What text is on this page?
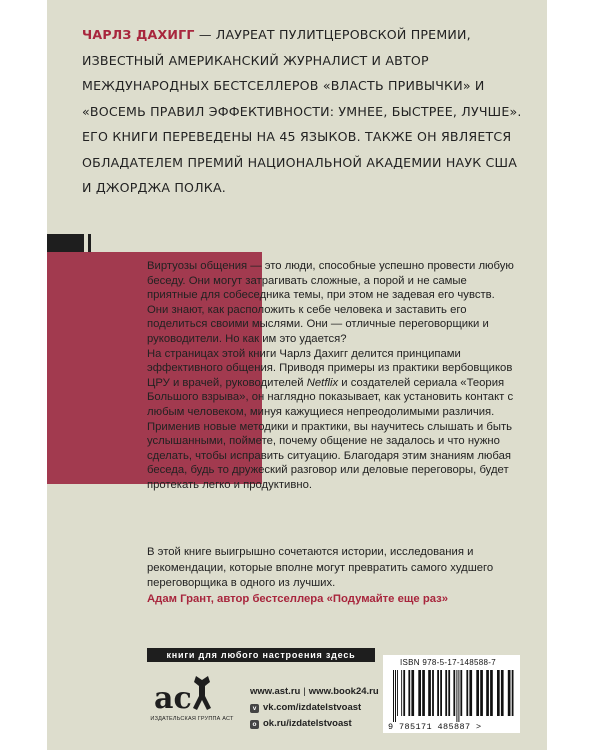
ЧАРЛЗ ДАХИГГ — ЛАУРЕАТ ПУЛИТЦЕРОВСКОЙ ПРЕМИИ, ИЗВЕСТНЫЙ АМЕРИКАНСКИЙ ЖУРНАЛИСТ И АВТОР МЕЖДУНАРОДНЫХ БЕСТСЕЛЛЕРОВ «ВЛАСТЬ ПРИВЫЧКИ» И «ВОСЕМЬ ПРАВИЛ ЭФФЕКТИВНОСТИ: УМНЕЕ, БЫСТРЕЕ, ЛУЧШЕ». ЕГО КНИГИ ПЕРЕВЕДЕНЫ НА 45 ЯЗЫКОВ. ТАКЖЕ ОН ЯВЛЯЕТСЯ ОБЛАДАТЕЛЕМ ПРЕМИЙ НАЦИОНАЛЬНОЙ АКАДЕМИИ НАУК США И ДЖОРДЖА ПОЛКА.

Виртуозы общения — это люди, способные успешно провести любую беседу. Они могут затрагивать сложные, а порой и не самые приятные для собеседника темы, при этом не задевая его чувств. Они знают, как расположить к себе человека и заставить его поделиться своими мыслями. Они — отличные переговорщики и руководители. Но как им это удается?

На страницах этой книги Чарлз Дахигг делится принципами эффективного общения. Приводя примеры из практики вербовщиков ЦРУ и врачей, руководителей Netflix и создателей сериала «Теория Большого взрыва», он наглядно показывает, как установить контакт с любым человеком, минуя кажущиеся непреодолимыми различия.

Применив новые методики и практики, вы научитесь слышать и быть услышанными, поймете, почему общение не задалось и что нужно сделать, чтобы исправить ситуацию. Благодаря этим знаниям любая беседа, будь то дружеский разговор или деловые переговоры, будет протекать легко и продуктивно.

В этой книге выигрышно сочетаются истории, исследования и рекомендации, которые вполне могут превратить самого худшего переговорщика в одного из лучших.

Адам Грант, автор бестселлера «Подумайте еще раз»

книги для любого настроения здесь
ac
ИЗДАТЕЛЬСКАЯ ГРУППА АСТ
www.ast.ru | www.book24.ru
v vk.com/izdatelstvoast
o ok.ru/izdatelstvoast
ISBN 978-5-17-148588-7
9 785171 485887 >
